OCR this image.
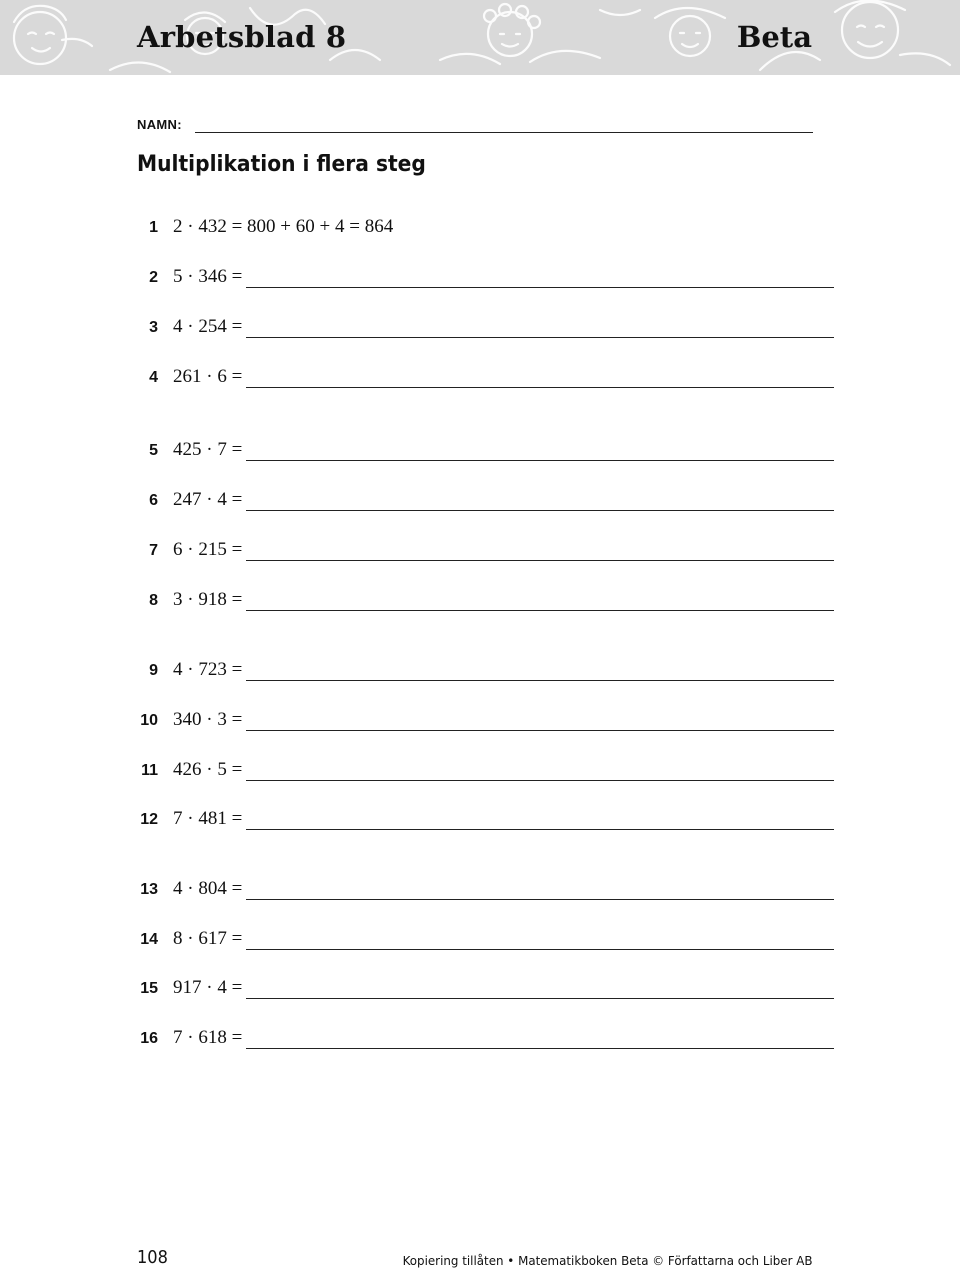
Arbetsblad 8	Beta
NAMN:
Multiplikation i flera steg
1 2 · 432 = 800 + 60 + 4 = 864
2 5 · 346 =
3 4 · 254 =
4 261 · 6 =
5 425 · 7 =
6 247 · 4 =
7 6 · 215 =
8 3 · 918 =
9 4 · 723 =
10 340 · 3 =
11 426 · 5 =
12 7 · 481 =
13 4 · 804 =
14 8 · 617 =
15 917 · 4 =
16 7 · 618 =
108	Kopiering tillåten • Matematikboken Beta © Författarna och Liber AB
